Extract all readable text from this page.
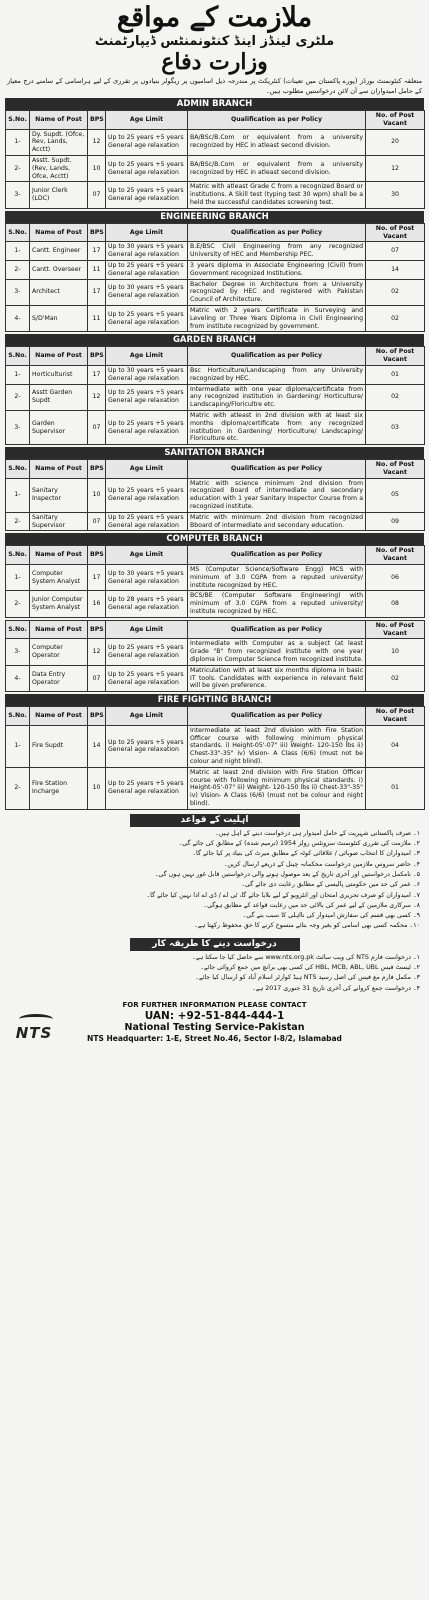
ملازمت کے مواقع
ملٹری لینڈز اینڈ کنٹونمنٹس ڈیپارٹمنٹ
وزارت دفاع

متعلقہ کنٹونمنٹ بورڈز (پورے پاکستان میں تعینات) کنٹریکٹ پر مندرجہ ذیل اسامیوں پر ریگولر بنیادوں پر تقرری کے لیے ہراسامی کے سامنے درج معیار کے حامل امیدواران سے آن لائن درخواستیں مطلوب ہیں۔

ADMIN BRANCH
S.No.	Name of Post	BPS	Age Limit	Qualification as per Policy	No. of Post Vacant
1-	Dy. Supdt. (Ofce, Rev, Lands, Acctt)	12	Up to 25 years +5 years General age relaxation	BA/BSc/B.Com or equivalent from a university recognized by HEC in atleast second division.	20
2-	Asstt. Supdt. (Rev, Lands, Ofce, Acctt)	10	Up to 25 years +5 years General age relaxation	BA/BSc/B.Com or equivalent from a university recognized by HEC in atleast second division.	12
3-	Junior Clerk (LDC)	07	Up to 25 years +5 years General age relaxation	Matric with atleast Grade C from a recognized Board or institutions. A Skill test (typing test 30 wpm) shall be a held the successful candidates screening test.	30
ENGINEERING BRANCH
S.No.	Name of Post	BPS	Age Limit	Qualification as per Policy	No. of Post Vacant
1-	Cantt. Engineer	17	Up to 30 years +5 years General age relaxation	B.E/BSC Civil Engineering from any recognized University of HEC and Membership PEC.	07
2-	Cantt. Overseer	11	Up to 25 years +5 years General age relaxation	3 years diploma in Associate Engineering (Civil) from Government recognized Institutions.	14
3-	Architect	17	Up to 30 years +5 years General age relaxation	Bachelor Degree in Architecture from a University recognized by HEC and registered with Pakistan Council of Architecture.	02
4-	S/D'Man	11	Up to 25 years +5 years General age relaxation	Matric with 2 years Certificate in Surveying and Leveling or Three Years Diploma in Civil Engineering from institute recognized by government.	02
GARDEN BRANCH
S.No.	Name of Post	BPS	Age Limit	Qualification as per Policy	No. of Post Vacant
1-	Horticulturist	17	Up to 30 years +5 years General age relaxation	Bsc Horticulture/Landscaping from any University recognized by HEC.	01
2-	Asstt Garden Supdt	12	Up to 25 years +5 years General age relaxation	Intermediate with one year diploma/certificate from any recognized institution in Gardening/ Horticulture/ Landscaping/Floricultre etc.	02
3-	Garden Supervisor	07	Up to 25 years +5 years General age relaxation	Matric with atleast in 2nd division with at least six months diploma/certificate from any recognized institution in Gardening/ Horticulture/ Landscaping/ Floriculture etc.	03
SANITATION BRANCH
S.No.	Name of Post	BPS	Age Limit	Qualification as per Policy	No. of Post Vacant
1-	Sanitary Inspector	10	Up to 25 years +5 years General age relaxation	Matric with science minimum 2nd division from recognized Board of intermediate and secondary education with 1 year Sanitary Inspector Course from a recognized institute.	05
2-	Sanitary Supervisor	07	Up to 25 years +5 years General age relaxation	Matric with minimum 2nd division from recognized Bboard of intermediate and secondary education.	09
COMPUTER BRANCH
S.No.	Name of Post	BPS	Age Limit	Qualification as per Policy	No. of Post Vacant
1-	Computer System Analyst	17	Up to 30 years +5 years General age relaxation	MS (Computer Science/Software Engg) MCS with minimum of 3.0 CGPA from a reputed university/ institute recognized by HEC.	06
2-	Junior Computer System Analyst	16	Up to 28 years +5 years General age relaxation	BCS/BE (Computer Software Engineering) with minimum of 3.0 CGPA from a reputed university/ institute recognized by HEC.	08
S.No.	Name of Post	BPS	Age Limit	Qualification as per Policy	No. of Post Vacant
3-	Computer Operator	12	Up to 25 years +5 years General age relaxation	Intermediate with Computer as a subject (at least Grade "B" from recognized institute with one year diploma in Computer Science from recognized institute.	10
4-	Data Entry Operator	07	Up to 25 years +5 years General age relaxation	Matriculation with at least six months diploma in basic IT tools. Candidates with experience in relevant field will be given preference.	02
FIRE FIGHTING BRANCH
S.No.	Name of Post	BPS	Age Limit	Qualification as per Policy	No. of Post Vacant
1-	Fire Supdt	14	Up to 25 years +5 years General age relaxation	Intermediate at least 2nd division with Fire Station Officer course with following minimum physical standards. i) Height-05'-07" iii) Weight- 120-150 lbs ii) Chest-33"-35" iv) Vision- A Class (6/6) (must not be colour and night blind).	04
2-	Fire Station Incharge	10	Up to 25 years +5 years General age relaxation	Matric at least 2nd division with Fire Station Officer course with following minimum physical standards. i) Height-05'-07" iii) Weight- 120-150 lbs ii) Chest-33"-35" iv) Vision- A Class (6/6) (must not be colour and night blind).	01
اہلیت کے قواعد
۱۔ صرف پاکستانی شہریت کے حامل امیدوار ہی درخواست دینے کے اہل ہیں۔
۲۔ ملازمت کی تقرری کنٹونمنٹ سرونٹس رولز 1954 (ترمیم شدہ) کے مطابق کی جائے گی۔
۳۔ امیدواران کا انتخاب صوبائی / علاقائی کوٹہ کے مطابق میرٹ کی بنیاد پر کیا جائے گا۔
۴۔ حاضر سروس ملازمین درخواست محکمانہ چینل کے ذریعے ارسال کریں۔
۵۔ نامکمل درخواستیں اور آخری تاریخ کے بعد موصول ہونے والی درخواستیں قابل غور نہیں ہوں گی۔
۶۔ عمر کی حد میں حکومتی پالیسی کے مطابق رعایت دی جائے گی۔
۷۔ امیدواران کو صرف تحریری امتحان اور انٹرویو کے لیے بلایا جائے گا، ٹی اے / ڈی اے ادا نہیں کیا جائے گا۔
۸۔ سرکاری ملازمین کے لیے عمر کی بالائی حد میں رعایت قواعد کے مطابق ہوگی۔
۹۔ کسی بھی قسم کی سفارش امیدوار کی نااہلی کا سبب بنے گی۔
۱۰۔ محکمہ کسی بھی اسامی کو بغیر وجہ بتائے منسوخ کرنے کا حق محفوظ رکھتا ہے۔
درخواست دینے کا طریقہ کار
۱۔ درخواست فارم NTS کی ویب سائٹ www.nts.org.pk سے حاصل کیا جا سکتا ہے۔
۲۔ ٹیسٹ فیس HBL, MCB, ABL, UBL کی کسی بھی برانچ میں جمع کروائی جائے۔
۳۔ مکمل فارم مع فیس کی اصل رسید NTS ہیڈ کوارٹر اسلام آباد کو ارسال کیا جائے۔
۴۔ درخواست جمع کروانے کی آخری تاریخ 31 جنوری 2017 ہے۔
NTS
FOR FURTHER INFORMATION PLEASE CONTACT
UAN: +92-51-844-444-1
National Testing Service-Pakistan
NTS Headquarter: 1-E, Street No.46, Sector I-8/2, Islamabad
